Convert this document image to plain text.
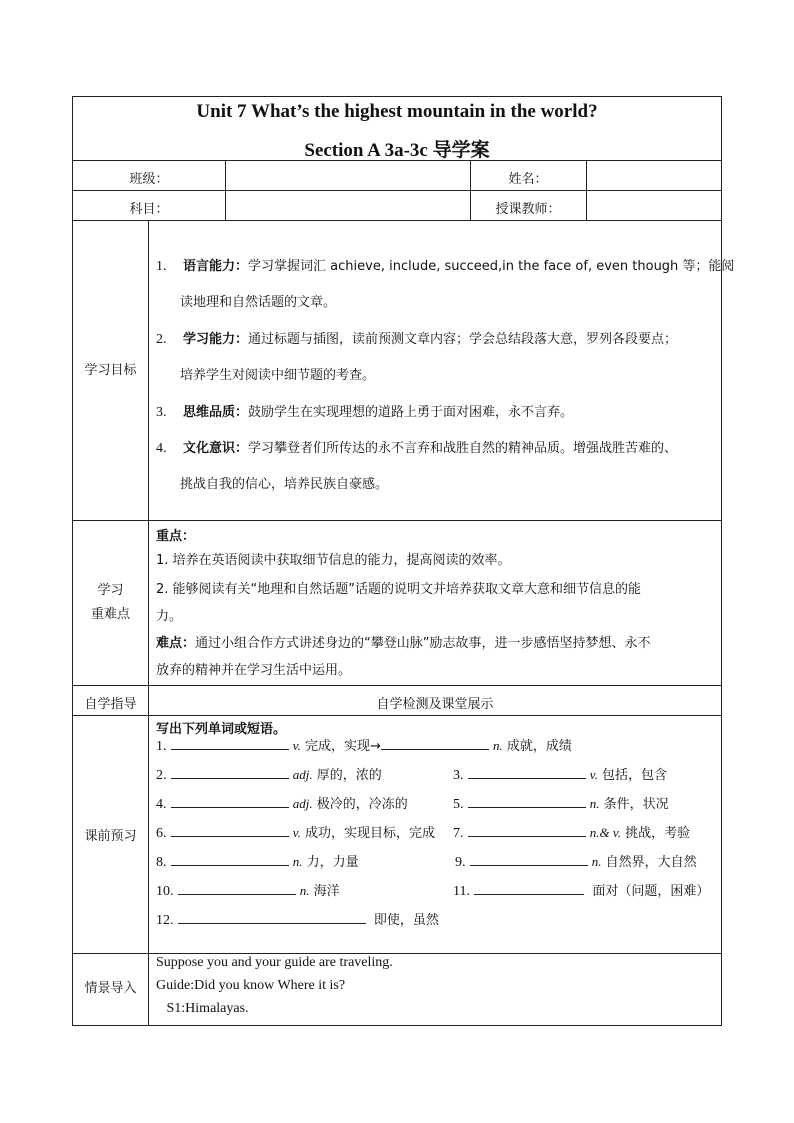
Unit 7 What’s the highest mountain in the world?
Section A 3a-3c 导学案
班级：	姓名：
科目：	授课教师：
学习目标
1. 语言能力：学习掌握词汇 achieve, include, succeed,in the face of, even though 等；能阅
读地理和自然话题的文章。
2. 学习能力：通过标题与插图，读前预测文章内容；学会总结段落大意，罗列各段要点；
培养学生对阅读中细节题的考查。
3. 思维品质：鼓励学生在实现理想的道路上勇于面对困难，永不言弃。
4. 文化意识：学习攀登者们所传达的永不言弃和战胜自然的精神品质。增强战胜苦难的、
挑战自我的信心，培养民族自豪感。
学习
重难点
重点：
1. 培养在英语阅读中获取细节信息的能力，提高阅读的效率。
2. 能够阅读有关“地理和自然话题”话题的说明文并培养获取文章大意和细节信息的能
力。
难点：通过小组合作方式讲述身边的“攀登山脉”励志故事，进一步感悟坚持梦想、永不
放弃的精神并在学习生活中运用。
自学指导	自学检测及课堂展示
课前预习
写出下列单词或短语。
1.	v. 完成，实现→	n. 成就，成绩
2.	adj. 厚的，浓的	3.	v. 包括，包含
4.	adj. 极冷的，冷冻的	5.	n. 条件，状况
6.	v. 成功，实现目标，完成 7.	n.& v. 挑战，考验
8.	n. 力，力量	9.	n. 自然界，大自然
10.	n. 海洋	11.	面对（问题，困难）
12.	即使，虽然
情景导入
Suppose you and your guide are traveling.
Guide:Did you know Where it is?
S1:Himalayas.
